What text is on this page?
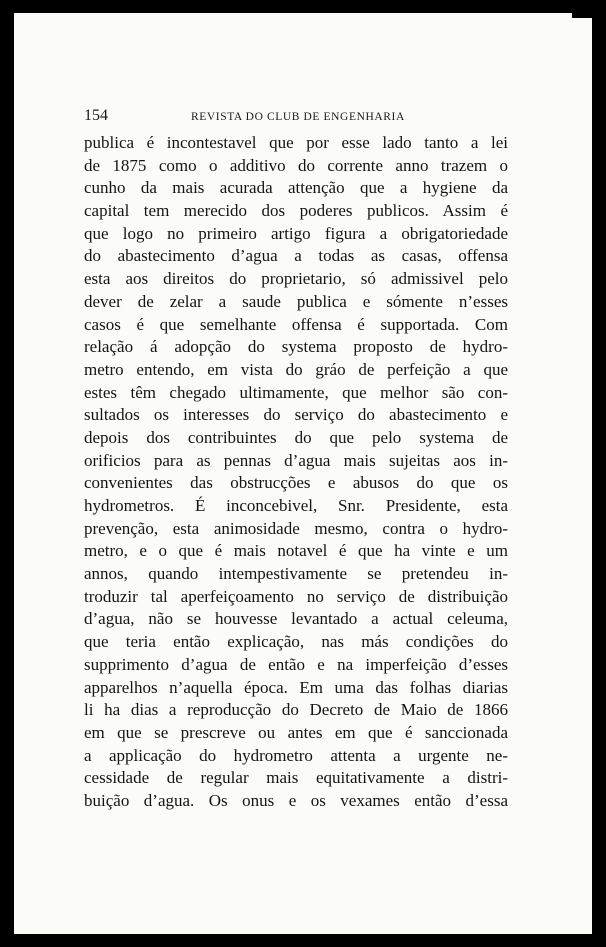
154	REVISTA DO CLUB DE ENGENHARIA
publica é incontestavel que por esse lado tanto a lei
de 1875 como o additivo do corrente anno trazem o
cunho da mais acurada attenção que a hygiene da
capital tem merecido dos poderes publicos. Assim é
que logo no primeiro artigo figura a obrigatoriedade
do abastecimento d’agua a todas as casas, offensa
esta aos direitos do proprietario, só admissivel pelo
dever de zelar a saude publica e sómente n’esses
casos é que semelhante offensa é supportada. Com
relação á adopção do systema proposto de hydro-
metro entendo, em vista do gráo de perfeição a que
estes têm chegado ultimamente, que melhor são con-
sultados os interesses do serviço do abastecimento e
depois dos contribuintes do que pelo systema de
orificios para as pennas d’agua mais sujeitas aos in-
convenientes das obstrucções e abusos do que os
hydrometros. É inconcebivel, Snr. Presidente, esta
prevenção, esta animosidade mesmo, contra o hydro-
metro, e o que é mais notavel é que ha vinte e um
annos, quando intempestivamente se pretendeu in-
troduzir tal aperfeiçoamento no serviço de distribuição
d’agua, não se houvesse levantado a actual celeuma,
que teria então explicação, nas más condições do
supprimento d’agua de então e na imperfeição d’esses
apparelhos n’aquella época. Em uma das folhas diarias
li ha dias a reproducção do Decreto de Maio de 1866
em que se prescreve ou antes em que é sanccionada
a applicação do hydrometro attenta a urgente ne-
cessidade de regular mais equitativamente a distri-
buição d’agua. Os onus e os vexames então d’essa
